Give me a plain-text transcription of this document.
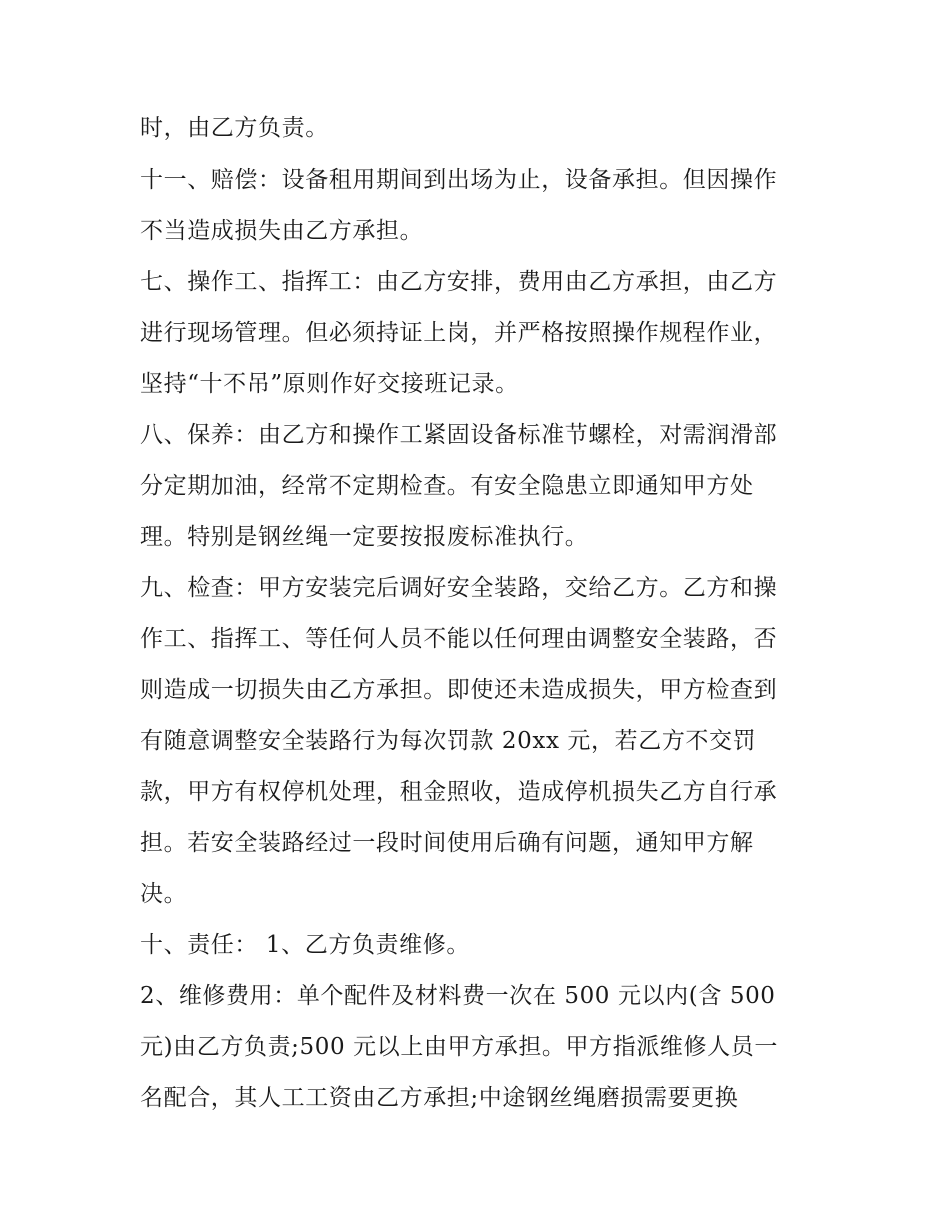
时，由乙方负责。
十一、赔偿：设备租用期间到出场为止，设备承担。但因操作
不当造成损失由乙方承担。
七、操作工、指挥工：由乙方安排，费用由乙方承担，由乙方
进行现场管理。但必须持证上岗，并严格按照操作规程作业，
坚持“十不吊”原则作好交接班记录。
八、保养：由乙方和操作工紧固设备标准节螺栓，对需润滑部
分定期加油，经常不定期检查。有安全隐患立即通知甲方处
理。特别是钢丝绳一定要按报废标准执行。
九、检查：甲方安装完后调好安全装路，交给乙方。乙方和操
作工、指挥工、等任何人员不能以任何理由调整安全装路，否
则造成一切损失由乙方承担。即使还未造成损失，甲方检查到
有随意调整安全装路行为每次罚款 20xx 元，若乙方不交罚
款，甲方有权停机处理，租金照收，造成停机损失乙方自行承
担。若安全装路经过一段时间使用后确有问题，通知甲方解
决。
十、责任： 1、乙方负责维修。
2、维修费用：单个配件及材料费一次在 500 元以内(含 500
元)由乙方负责;500 元以上由甲方承担。甲方指派维修人员一
名配合，其人工工资由乙方承担;中途钢丝绳磨损需要更换
